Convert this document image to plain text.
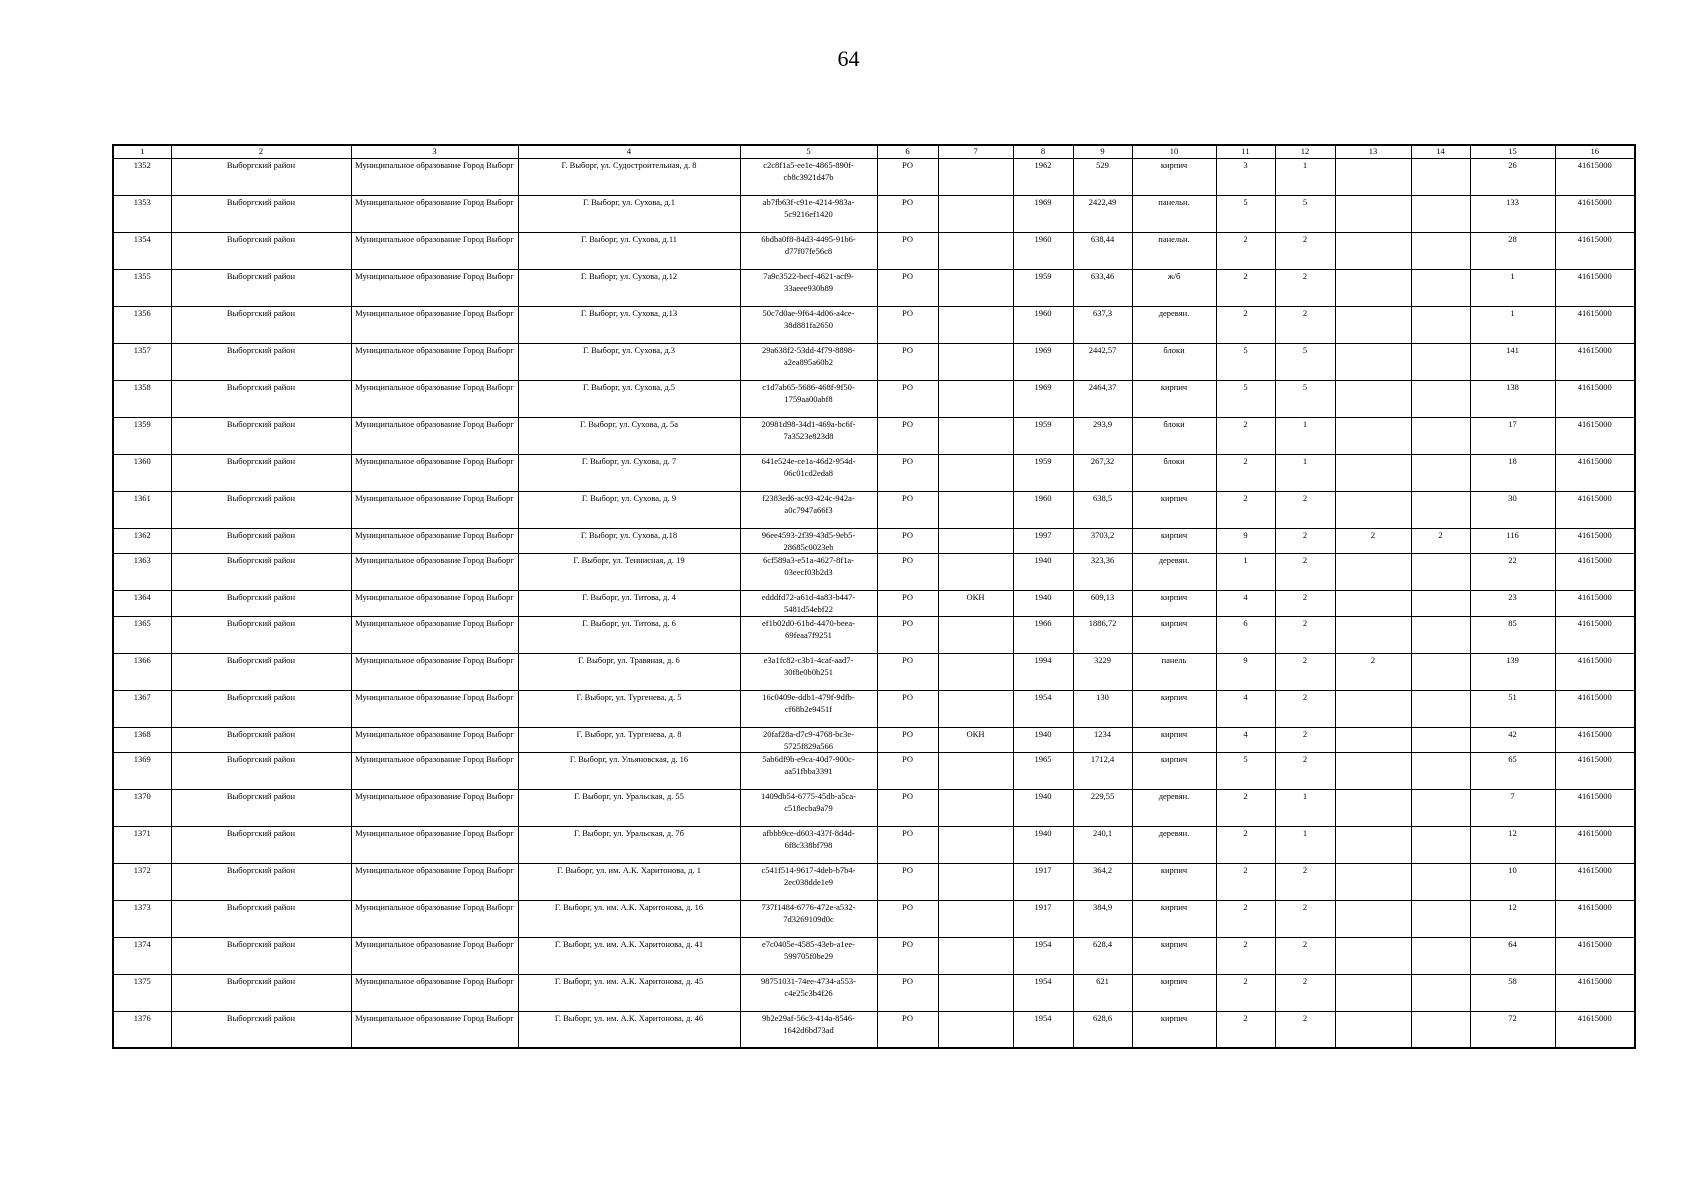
64
1	2	3	4	5	6	7	8	9	10	11	12	13	14	15	16
1352	Выборгский район	Муниципальное образование Город Выборг	Г. Выборг, ул. Судостроительная, д. 8	c2c8f1a5-ee1e-4865-890f-cb8c3921d47b	РО		1962	529	кирпич	3	1			26	41615000
1353	Выборгский район	Муниципальное образование Город Выборг	Г. Выборг, ул. Сухова, д.1	ab7fb63f-c91e-4214-983a-5c9216ef1420	РО		1969	2422,49	панельн.	5	5			133	41615000
1354	Выборгский район	Муниципальное образование Город Выборг	Г. Выборг, ул. Сухова, д.11	6bdba0f8-84d3-4495-91b6-d77f07fe56c8	РО		1960	638,44	панельн.	2	2			28	41615000
1355	Выборгский район	Муниципальное образование Город Выборг	Г. Выборг, ул. Сухова, д.12	7a9c3522-becf-4621-acf9-33aeee930b89	РО		1959	633,46	ж/б	2	2			1	41615000
1356	Выборгский район	Муниципальное образование Город Выборг	Г. Выборг, ул. Сухова, д.13	50c7d0ae-9f64-4d06-a4ce-38d881fa2650	РО		1960	637,3	деревян.	2	2			1	41615000
1357	Выборгский район	Муниципальное образование Город Выборг	Г. Выборг, ул. Сухова, д.3	29a638f2-53dd-4f79-8898-a2ea895a60b2	РО		1969	2442,57	блоки	5	5			141	41615000
1358	Выборгский район	Муниципальное образование Город Выборг	Г. Выборг, ул. Сухова, д.5	c1d7ab65-5686-468f-9f50-1759aa00abf8	РО		1969	2464,37	кирпич	5	5			138	41615000
1359	Выборгский район	Муниципальное образование Город Выборг	Г. Выборг, ул. Сухова, д. 5а	20981d98-34d1-469a-bc6f-7a3523e823d8	РО		1959	293,9	блоки	2	1			17	41615000
1360	Выборгский район	Муниципальное образование Город Выборг	Г. Выборг, ул. Сухова, д. 7	641e524e-ce1a-46d2-954d-06c01cd2eda8	РО		1959	267,32	блоки	2	1			18	41615000
1361	Выборгский район	Муниципальное образование Город Выборг	Г. Выборг, ул. Сухова, д. 9	f2383ed6-ac93-424c-942a-a0c7947a66f3	РО		1960	638,5	кирпич	2	2			30	41615000
1362	Выборгский район	Муниципальное образование Город Выборг	Г. Выборг, ул. Сухова, д.18	96ee4593-2f39-43d5-9eb5-28685c0023eb	РО		1997	3703,2	кирпич	9	2	2	2	116	41615000
1363	Выборгский район	Муниципальное образование Город Выборг	Г. Выборг, ул. Теннисная, д. 19	6cf589a3-e51a-4627-8f1a-03eecf03b2d3	РО		1940	323,36	деревян.	1	2			22	41615000
1364	Выборгский район	Муниципальное образование Город Выборг	Г. Выборг, ул. Титова, д. 4	edddfd72-a61d-4a83-b447-5481d54ebf22	РО	ОКН	1940	609,13	кирпич	4	2			23	41615000
1365	Выборгский район	Муниципальное образование Город Выборг	Г. Выборг, ул. Титова, д. 6	ef1b02d0-61bd-4470-beea-69feaa7f9251	РО		1966	1886,72	кирпич	6	2			85	41615000
1366	Выборгский район	Муниципальное образование Город Выборг	Г. Выборг, ул. Травяная, д. 6	e3a1fc82-c3b1-4caf-aad7-30f8e0b0b251	РО		1994	3229	панель	9	2	2		139	41615000
1367	Выборгский район	Муниципальное образование Город Выборг	Г. Выборг, ул. Тургенева, д. 5	16c0409e-ddb1-479f-9dfb-cf68b2e9451f	РО		1954	130	кирпич	4	2			51	41615000
1368	Выборгский район	Муниципальное образование Город Выборг	Г. Выборг, ул. Тургенева, д. 8	20faf28a-d7c9-4768-bc3e-5725f829a566	РО	ОКН	1940	1234	кирпич	4	2			42	41615000
1369	Выборгский район	Муниципальное образование Город Выборг	Г. Выборг, ул. Ульяновская, д. 16	5ab6df9b-e9ca-40d7-900c-aa51fbba3391	РО		1965	1712,4	кирпич	5	2			65	41615000
1370	Выборгский район	Муниципальное образование Город Выборг	Г. Выборг, ул. Уральская, д. 55	1409db54-6775-45db-a5ca-c518ecba9a79	РО		1940	229,55	деревян.	2	1			7	41615000
1371	Выборгский район	Муниципальное образование Город Выборг	Г. Выборг, ул. Уральская, д. 7б	afbbb9ce-d603-437f-8d4d-6f8c338bf798	РО		1940	240,1	деревян.	2	1			12	41615000
1372	Выборгский район	Муниципальное образование Город Выборг	Г. Выборг, ул. им. А.К. Харитонова, д. 1	c541f514-9617-4deb-b7b4-2ec038dde1e9	РО		1917	364,2	кирпич	2	2			10	41615000
1373	Выборгский район	Муниципальное образование Город Выборг	Г. Выборг, ул. им. А.К. Харитонова, д. 16	737f1484-6776-472e-a532-7d3269109d0c	РО		1917	384,9	кирпич	2	2			12	41615000
1374	Выборгский район	Муниципальное образование Город Выборг	Г. Выборг, ул. им. А.К. Харитонова, д. 41	e7c0405e-4585-43eb-a1ee-599705f0be29	РО		1954	628,4	кирпич	2	2			64	41615000
1375	Выборгский район	Муниципальное образование Город Выборг	Г. Выборг, ул. им. А.К. Харитонова, д. 45	98751031-74ee-4734-a553-c4e25c3b4f26	РО		1954	621	кирпич	2	2			58	41615000
1376	Выборгский район	Муниципальное образование Город Выборг	Г. Выборг, ул. им. А.К. Харитонова, д. 46	9b2e29af-56c3-414a-8546-1642d6bd73ad	РО		1954	628,6	кирпич	2	2			72	41615000
